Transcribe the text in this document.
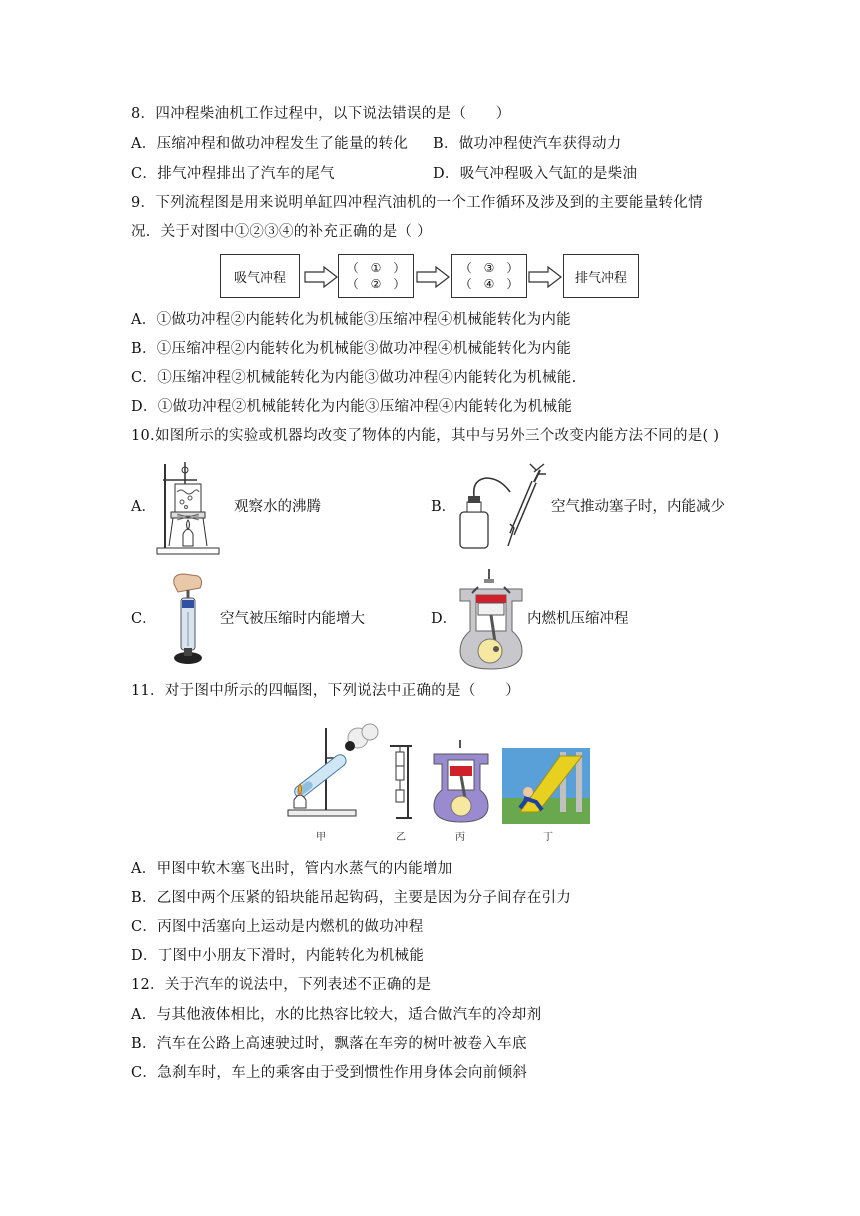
8．四冲程柴油机工作过程中，以下说法错误的是（　　）
A．压缩冲程和做功冲程发生了能量的转化 B．做功冲程使汽车获得动力
C．排气冲程排出了汽车的尾气	D．吸气冲程吸入气缸的是柴油
9．下列流程图是用来说明单缸四冲程汽油机的一个工作循环及涉及到的主要能量转化情
况．关于对图中①②③④的补充正确的是（ ）
吸气冲程
（　①　）
（　②　）
（　③　）
（　④　）	排气冲程
A．①做功冲程②内能转化为机械能③压缩冲程④机械能转化为内能
B．①压缩冲程②内能转化为机械能③做功冲程④机械能转化为内能
C．①压缩冲程②机械能转化为内能③做功冲程④内能转化为机械能.
D．①做功冲程②机械能转化为内能③压缩冲程④内能转化为机械能
10.如图所示的实验或机器均改变了物体的内能，其中与另外三个改变内能方法不同的是( )
A．	观察水的沸腾	B．	空气推动塞子时，内能减少
C．	空气被压缩时内能增大	D．	内燃机压缩冲程
11．对于图中所示的四幅图，下列说法中正确的是（　　）
甲	乙	丙	丁
A．甲图中软木塞飞出时，管内水蒸气的内能增加
B．乙图中两个压紧的铅块能吊起钩码，主要是因为分子间存在引力
C．丙图中活塞向上运动是内燃机的做功冲程
D．丁图中小朋友下滑时，内能转化为机械能
12．关于汽车的说法中，下列表述不正确的是
A．与其他液体相比，水的比热容比较大，适合做汽车的冷却剂
B．汽车在公路上高速驶过时，飘落在车旁的树叶被卷入车底
C．急刹车时，车上的乘客由于受到惯性作用身体会向前倾斜
